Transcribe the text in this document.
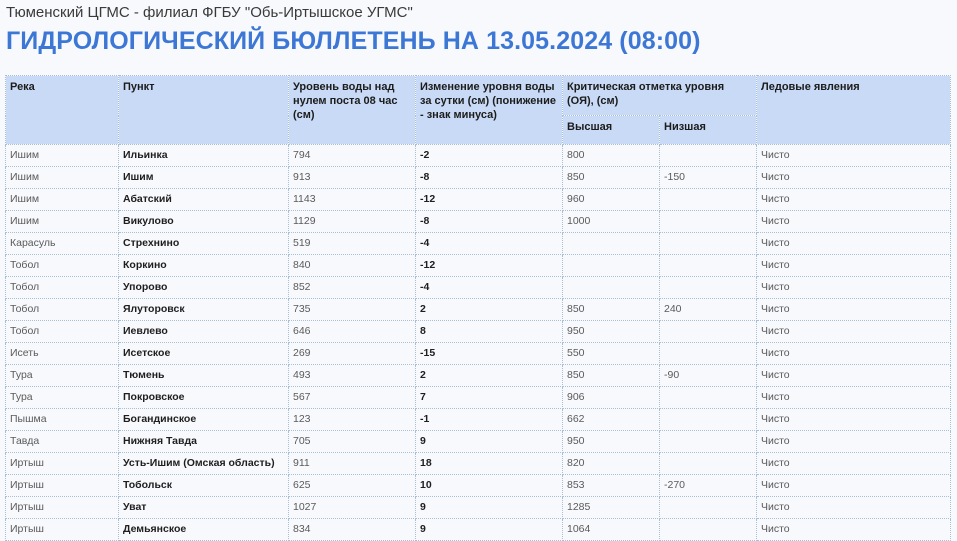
Тюменский ЦГМС - филиал ФГБУ "Обь-Иртышское УГМС"

ГИДРОЛОГИЧЕСКИЙ БЮЛЛЕТЕНЬ НА 13.05.2024 (08:00)
Река	Пункт	Уровень воды над нулем поста 08 час (см)	Изменение уровня воды за сутки (см) (понижение - знак минуса)	Критическая отметка уровня (ОЯ), (см)		Ледовые явления
				Высшая	Низшая	
Ишим	Ильинка	794	-2	800		Чисто
Ишим	Ишим	913	-8	850	-150	Чисто
Ишим	Абатский	1143	-12	960		Чисто
Ишим	Викулово	1129	-8	1000		Чисто
Карасуль	Стрехнино	519	-4			Чисто
Тобол	Коркино	840	-12			Чисто
Тобол	Упорово	852	-4			Чисто
Тобол	Ялуторовск	735	2	850	240	Чисто
Тобол	Иевлево	646	8	950		Чисто
Исеть	Исетское	269	-15	550		Чисто
Тура	Тюмень	493	2	850	-90	Чисто
Тура	Покровское	567	7	906		Чисто
Пышма	Богандинское	123	-1	662		Чисто
Тавда	Нижняя Тавда	705	9	950		Чисто
Иртыш	Усть-Ишим (Омская область)	911	18	820		Чисто
Иртыш	Тобольск	625	10	853	-270	Чисто
Иртыш	Уват	1027	9	1285		Чисто
Иртыш	Демьянское	834	9	1064		Чисто
